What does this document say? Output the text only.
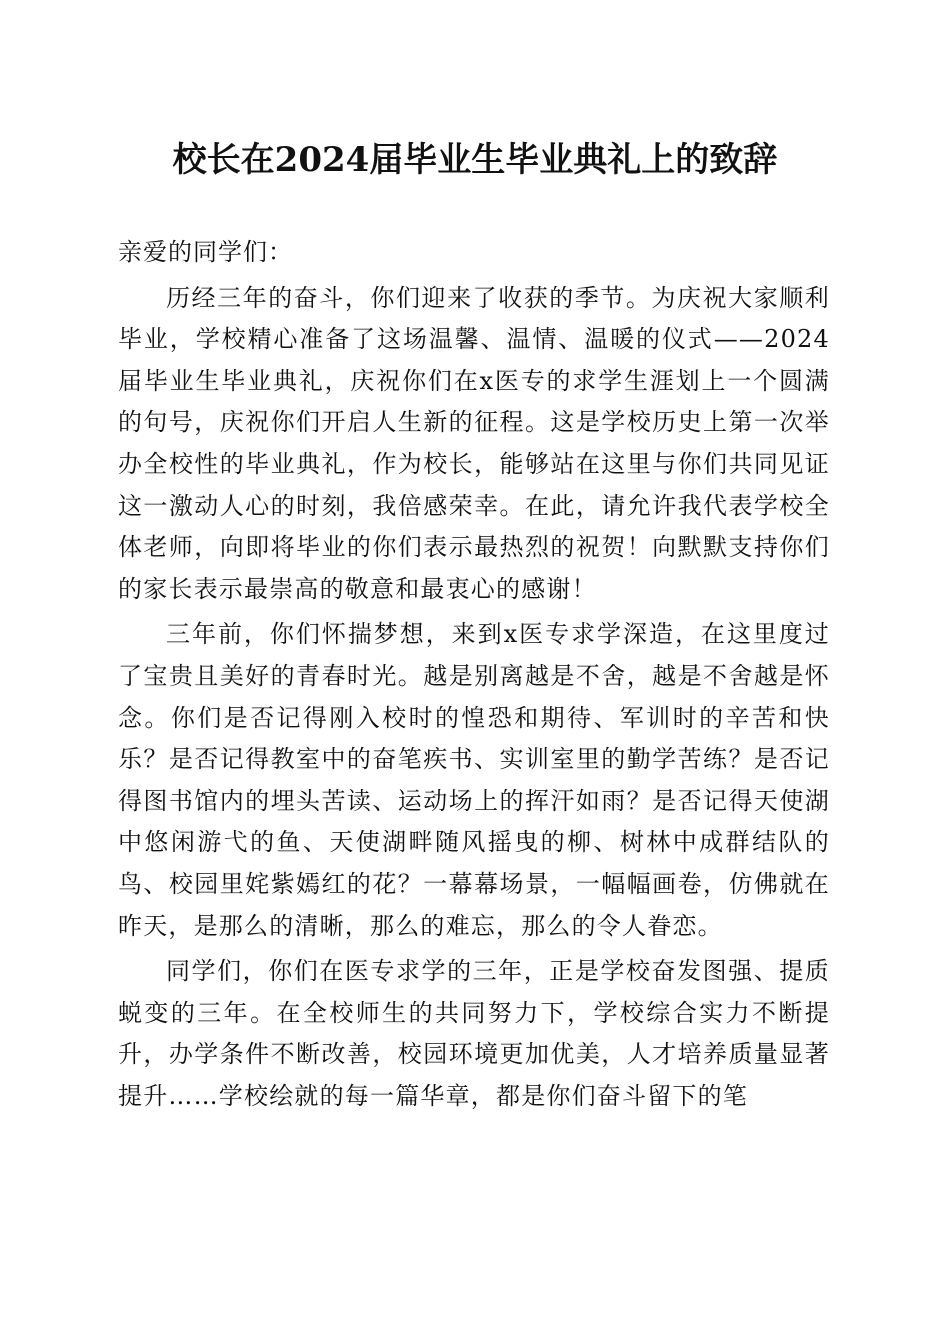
校长在2024届毕业生毕业典礼上的致辞

亲爱的同学们：

历经三年的奋斗，你们迎来了收获的季节。为庆祝大家顺利毕业，学校精心准备了这场温馨、温情、温暖的仪式——2024届毕业生毕业典礼，庆祝你们在x医专的求学生涯划上一个圆满的句号，庆祝你们开启人生新的征程。这是学校历史上第一次举办全校性的毕业典礼，作为校长，能够站在这里与你们共同见证这一激动人心的时刻，我倍感荣幸。在此，请允许我代表学校全体老师，向即将毕业的你们表示最热烈的祝贺！向默默支持你们的家长表示最崇高的敬意和最衷心的感谢！

三年前，你们怀揣梦想，来到x医专求学深造，在这里度过了宝贵且美好的青春时光。越是别离越是不舍，越是不舍越是怀念。你们是否记得刚入校时的惶恐和期待、军训时的辛苦和快乐？是否记得教室中的奋笔疾书、实训室里的勤学苦练？是否记得图书馆内的埋头苦读、运动场上的挥汗如雨？是否记得天使湖中悠闲游弋的鱼、天使湖畔随风摇曳的柳、树林中成群结队的鸟、校园里姹紫嫣红的花？一幕幕场景，一幅幅画卷，仿佛就在昨天，是那么的清晰，那么的难忘，那么的令人眷恋。

同学们，你们在医专求学的三年，正是学校奋发图强、提质蜕变的三年。在全校师生的共同努力下，学校综合实力不断提升，办学条件不断改善，校园环境更加优美，人才培养质量显著提升……学校绘就的每一篇华章，都是你们奋斗留下的笔
